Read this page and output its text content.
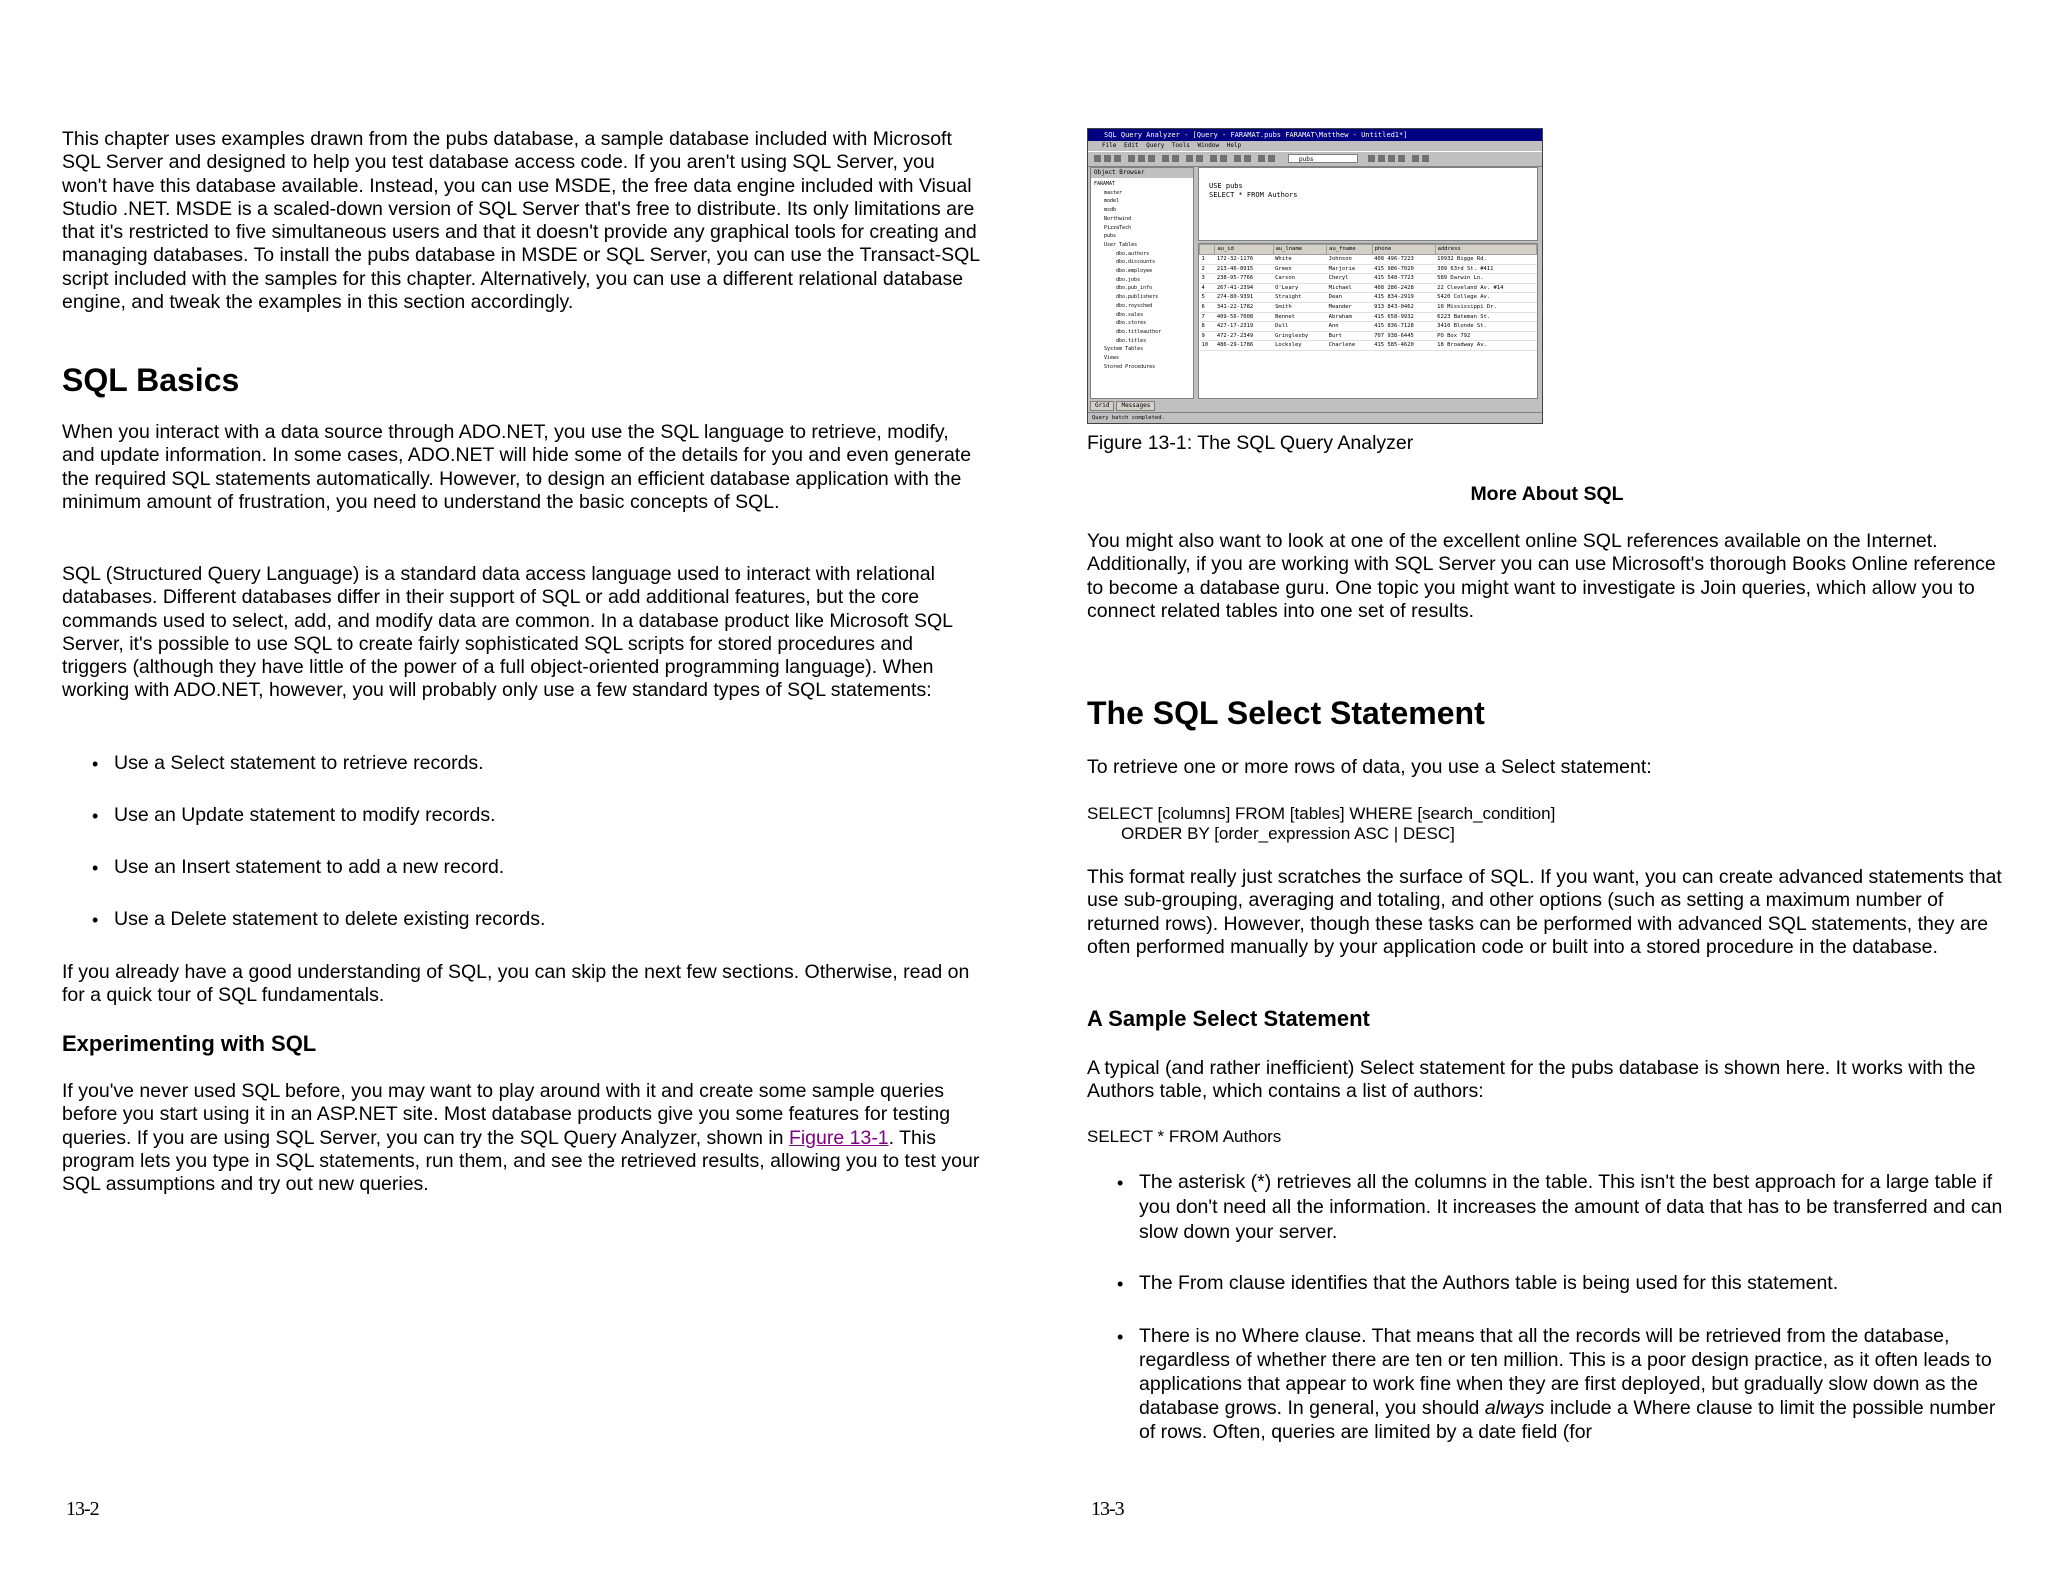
This chapter uses examples drawn from the pubs database, a sample database included with Microsoft SQL Server and designed to help you test database access code. If you aren't using SQL Server, you won't have this database available. Instead, you can use MSDE, the free data engine included with Visual Studio .NET. MSDE is a scaled-down version of SQL Server that's free to distribute. Its only limitations are that it's restricted to five simultaneous users and that it doesn't provide any graphical tools for creating and managing databases. To install the pubs database in MSDE or SQL Server, you can use the Transact-SQL script included with the samples for this chapter. Alternatively, you can use a different relational database engine, and tweak the examples in this section accordingly.

SQL Basics

When you interact with a data source through ADO.NET, you use the SQL language to retrieve, modify, and update information. In some cases, ADO.NET will hide some of the details for you and even generate the required SQL statements automatically. However, to design an efficient database application with the minimum amount of frustration, you need to understand the basic concepts of SQL.

SQL (Structured Query Language) is a standard data access language used to interact with relational databases. Different databases differ in their support of SQL or add additional features, but the core commands used to select, add, and modify data are common. In a database product like Microsoft SQL Server, it's possible to use SQL to create fairly sophisticated SQL scripts for stored procedures and triggers (although they have little of the power of a full object-oriented programming language). When working with ADO.NET, however, you will probably only use a few standard types of SQL statements:

• Use a Select statement to retrieve records.
• Use an Update statement to modify records.
• Use an Insert statement to add a new record.
• Use a Delete statement to delete existing records.

If you already have a good understanding of SQL, you can skip the next few sections. Otherwise, read on for a quick tour of SQL fundamentals.

Experimenting with SQL

If you've never used SQL before, you may want to play around with it and create some sample queries before you start using it in an ASP.NET site. Most database products give you some features for testing queries. If you are using SQL Server, you can try the SQL Query Analyzer, shown in Figure 13-1. This program lets you type in SQL statements, run them, and see the retrieved results, allowing you to test your SQL assumptions and try out new queries.

13-2
SQL Query Analyzer - [Query - FARAMAT.pubs FARAMAT\Matthew - Untitled1*]
File Edit Query Tools Window Help
pubs
Object Browser
FARAMAT
master
model
msdb
Northwind
PizzaTech
pubs
User Tables
dbo.authors
dbo.discounts
dbo.employee
dbo.jobs
dbo.pub_info
dbo.publishers
dbo.roysched
dbo.sales
dbo.stores
dbo.titleauthor
dbo.titles
System Tables
Views
Stored Procedures
USE pubs
SELECT * FROM Authors
	au_id	au_lname	au_fname	phone	address
1	172-32-1176	White	Johnson	408 496-7223	10932 Bigge Rd.
2	213-46-8915	Green	Marjorie	415 986-7020	309 63rd St. #411
3	238-95-7766	Carson	Cheryl	415 548-7723	589 Darwin Ln.
4	267-41-2394	O'Leary	Michael	408 286-2428	22 Cleveland Av. #14
5	274-80-9391	Straight	Dean	415 834-2919	5420 College Av.
6	341-22-1782	Smith	Meander	913 843-0462	10 Mississippi Dr.
7	409-56-7008	Bennet	Abraham	415 658-9932	6223 Bateman St.
8	427-17-2319	Dull	Ann	415 836-7128	3410 Blonde St.
9	472-27-2349	Gringlesby	Burt	707 938-6445	PO Box 792
10	486-29-1786	Locksley	Charlene	415 585-4620	18 Broadway Av.
Grid Messages
Query batch completed.

Figure 13-1: The SQL Query Analyzer

More About SQL

You might also want to look at one of the excellent online SQL references available on the Internet. Additionally, if you are working with SQL Server you can use Microsoft's thorough Books Online reference to become a database guru. One topic you might want to investigate is Join queries, which allow you to connect related tables into one set of results.

The SQL Select Statement

To retrieve one or more rows of data, you use a Select statement:

SELECT [columns] FROM [tables] WHERE [search_condition]
ORDER BY [order_expression ASC | DESC]

This format really just scratches the surface of SQL. If you want, you can create advanced statements that use sub-grouping, averaging and totaling, and other options (such as setting a maximum number of returned rows). However, though these tasks can be performed with advanced SQL statements, they are often performed manually by your application code or built into a stored procedure in the database.

A Sample Select Statement

A typical (and rather inefficient) Select statement for the pubs database is shown here. It works with the Authors table, which contains a list of authors:

SELECT * FROM Authors
• The asterisk (*) retrieves all the columns in the table. This isn't the best approach for a large table if you don't need all the information. It increases the amount of data that has to be transferred and can slow down your server.
• The From clause identifies that the Authors table is being used for this statement.
• There is no Where clause. That means that all the records will be retrieved from the database, regardless of whether there are ten or ten million. This is a poor design practice, as it often leads to applications that appear to work fine when they are first deployed, but gradually slow down as the database grows. In general, you should always include a Where clause to limit the possible number of rows. Often, queries are limited by a date field (for
13-3
